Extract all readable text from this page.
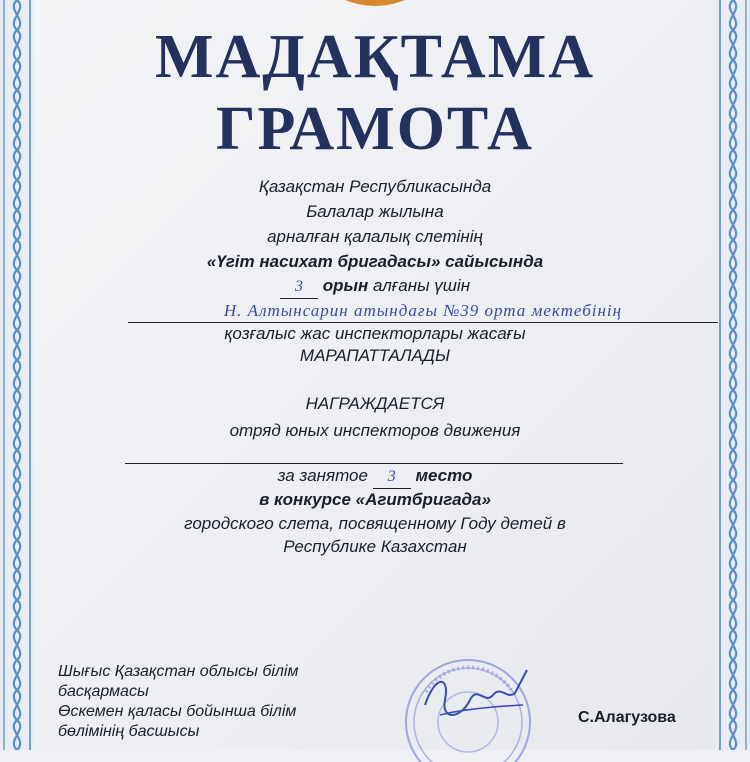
МАДАҚТАМА
ГРАМОТА
Қазақстан Республикасында
Балалар жылына
арналған қалалық слетінің
«Үгіт насихат бригадасы» сайысында
3 орын алғаны үшін
Н. Алтынсарин атындағы №39 орта мектебінің
қозғалыс жас инспекторлары жасағы
МАРАПАТТАЛАДЫ
НАГРАЖДАЕТСЯ
отряд юных инспекторов движения
за занятое 3 место
в конкурсе «Агитбригада»
городского слета, посвященному Году детей в
Республике Казахстан
Шығыс Қазақстан облысы білім
басқармасы
Өскемен қаласы бойынша білім
бөлімінің басшысы
С.Алагузова
